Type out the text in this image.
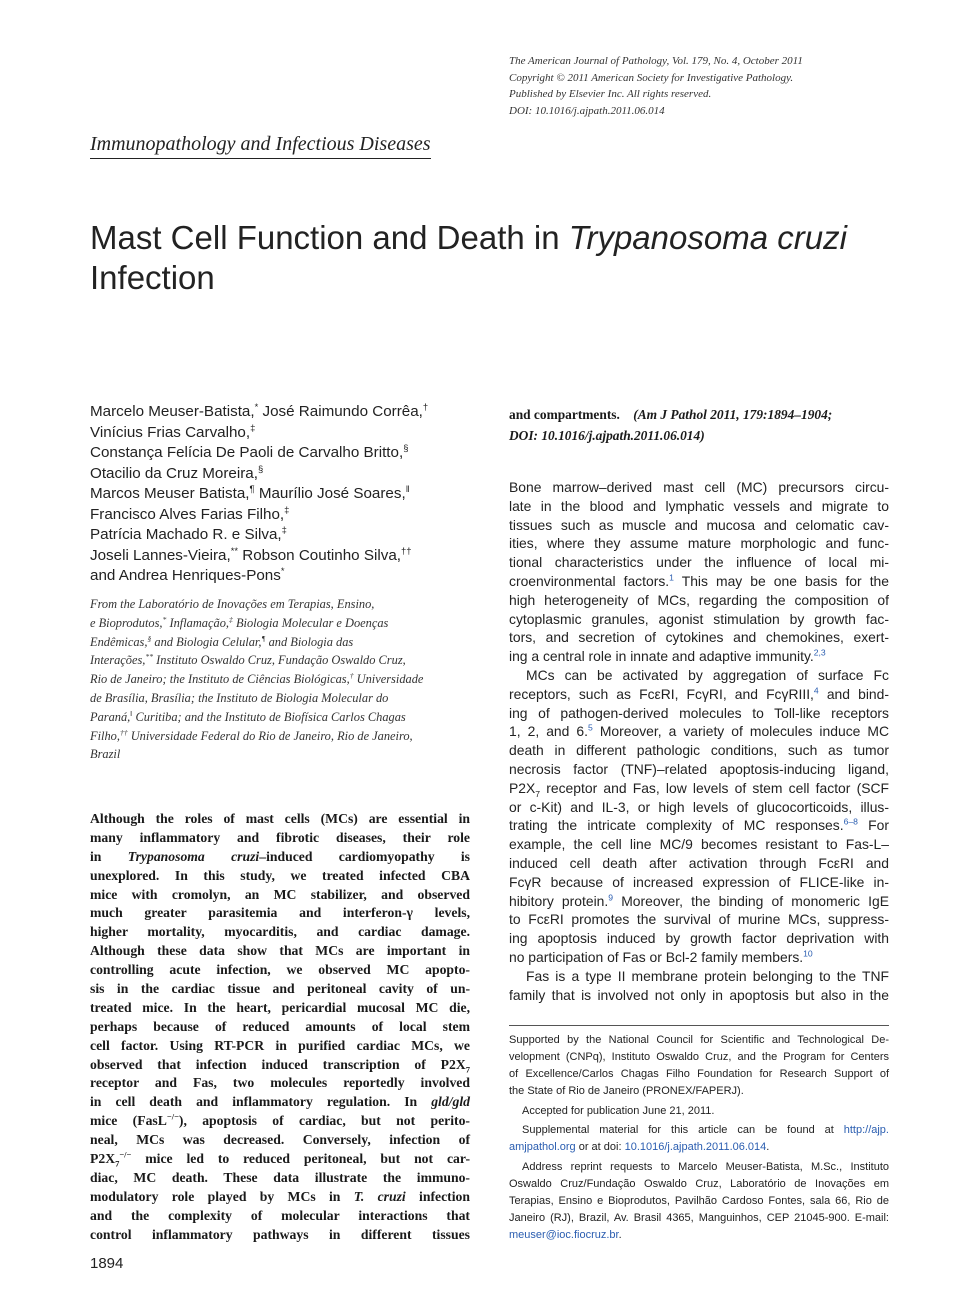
The American Journal of Pathology, Vol. 179, No. 4, October 2011
Copyright © 2011 American Society for Investigative Pathology.
Published by Elsevier Inc. All rights reserved.
DOI: 10.1016/j.ajpath.2011.06.014
Immunopathology and Infectious Diseases
Mast Cell Function and Death in Trypanosoma cruzi
Infection
Marcelo Meuser-Batista,* José Raimundo Corrêa,†
Vinícius Frias Carvalho,‡
Constança Felícia De Paoli de Carvalho Britto,§
Otacilio da Cruz Moreira,§
Marcos Meuser Batista,¶ Maurílio José Soares,‖
Francisco Alves Farias Filho,‡
Patrícia Machado R. e Silva,‡
Joseli Lannes-Vieira,** Robson Coutinho Silva,††
and Andrea Henriques-Pons*
From the Laboratório de Inovações em Terapias, Ensino,
e Bioprodutos,* Inflamação,‡ Biologia Molecular e Doenças
Endêmicas,§ and Biologia Celular,¶ and Biologia das
Interações,** Instituto Oswaldo Cruz, Fundação Oswaldo Cruz,
Rio de Janeiro; the Instituto de Ciências Biológicas,† Universidade
de Brasília, Brasília; the Instituto de Biologia Molecular do
Paraná,‖ Curitiba; and the Instituto de Biofísica Carlos Chagas
Filho,†† Universidade Federal do Rio de Janeiro, Rio de Janeiro,
Brazil
Although the roles of mast cells (MCs) are essential in
many inflammatory and fibrotic diseases, their role
in Trypanosoma cruzi–induced cardiomyopathy is
unexplored. In this study, we treated infected CBA
mice with cromolyn, an MC stabilizer, and observed
much greater parasitemia and interferon-γ levels,
higher mortality, myocarditis, and cardiac damage.
Although these data show that MCs are important in
controlling acute infection, we observed MC apopto-
sis in the cardiac tissue and peritoneal cavity of un-
treated mice. In the heart, pericardial mucosal MC die,
perhaps because of reduced amounts of local stem
cell factor. Using RT-PCR in purified cardiac MCs, we
observed that infection induced transcription of $P2X_7$
receptor and Fas, two molecules reportedly involved
in cell death and inflammatory regulation. In gld/gld
mice (FasL−/−), apoptosis of cardiac, but not perito-
neal, MCs was decreased. Conversely, infection of
$P2X_7^{-/-}$ mice led to reduced peritoneal, but not car-
diac, MC death. These data illustrate the immuno-
modulatory role played by MCs in T. cruzi infection
and the complexity of molecular interactions that
control inflammatory pathways in different tissues
1894
and compartments. (Am J Pathol 2011, 179:1894–1904;
DOI: 10.1016/j.ajpath.2011.06.014)
Bone marrow–derived mast cell (MC) precursors circu-
late in the blood and lymphatic vessels and migrate to
tissues such as muscle and mucosa and celomatic cav-
ities, where they assume mature morphologic and func-
tional characteristics under the influence of local mi-
croenvironmental factors.$^1$ This may be one basis for the
high heterogeneity of MCs, regarding the composition of
cytoplasmic granules, agonist stimulation by growth fac-
tors, and secretion of cytokines and chemokines, exert-
ing a central role in innate and adaptive immunity.$^{2,3}$
MCs can be activated by aggregation of surface Fc
receptors, such as FcεRI, FcγRI, and FcγRIII,$^4$ and bind-
ing of pathogen-derived molecules to Toll-like receptors
1, 2, and 6.$^5$ Moreover, a variety of molecules induce MC
death in different pathologic conditions, such as tumor
necrosis factor (TNF)–related apoptosis-inducing ligand,
$P2X_7$ receptor and Fas, low levels of stem cell factor (SCF
or c-Kit) and IL-3, or high levels of glucocorticoids, illus-
trating the intricate complexity of MC responses.$^{6-8}$ For
example, the cell line MC/9 becomes resistant to Fas-L–
induced cell death after activation through FcεRI and
FcγR because of increased expression of FLICE-like in-
hibitory protein.$^9$ Moreover, the binding of monomeric IgE
to FcεRI promotes the survival of murine MCs, suppress-
ing apoptosis induced by growth factor deprivation with
no participation of Fas or Bcl-2 family members.$^{10}$
Fas is a type II membrane protein belonging to the TNF
family that is involved not only in apoptosis but also in the
Supported by the National Council for Scientific and Technological De-
velopment (CNPq), Instituto Oswaldo Cruz, and the Program for Centers
of Excellence/Carlos Chagas Filho Foundation for Research Support of
the State of Rio de Janeiro (PRONEX/FAPERJ).
Accepted for publication June 21, 2011.
Supplemental material for this article can be found at http://ajp.
amjpathol.org or at doi: 10.1016/j.ajpath.2011.06.014.
Address reprint requests to Marcelo Meuser-Batista, M.Sc., Instituto
Oswaldo Cruz/Fundação Oswaldo Cruz, Laboratório de Inovações em
Terapias, Ensino e Bioprodutos, Pavilhão Cardoso Fontes, sala 66, Rio de
Janeiro (RJ), Brazil, Av. Brasil 4365, Manguinhos, CEP 21045-900. E-mail:
meuser@ioc.fiocruz.br.
